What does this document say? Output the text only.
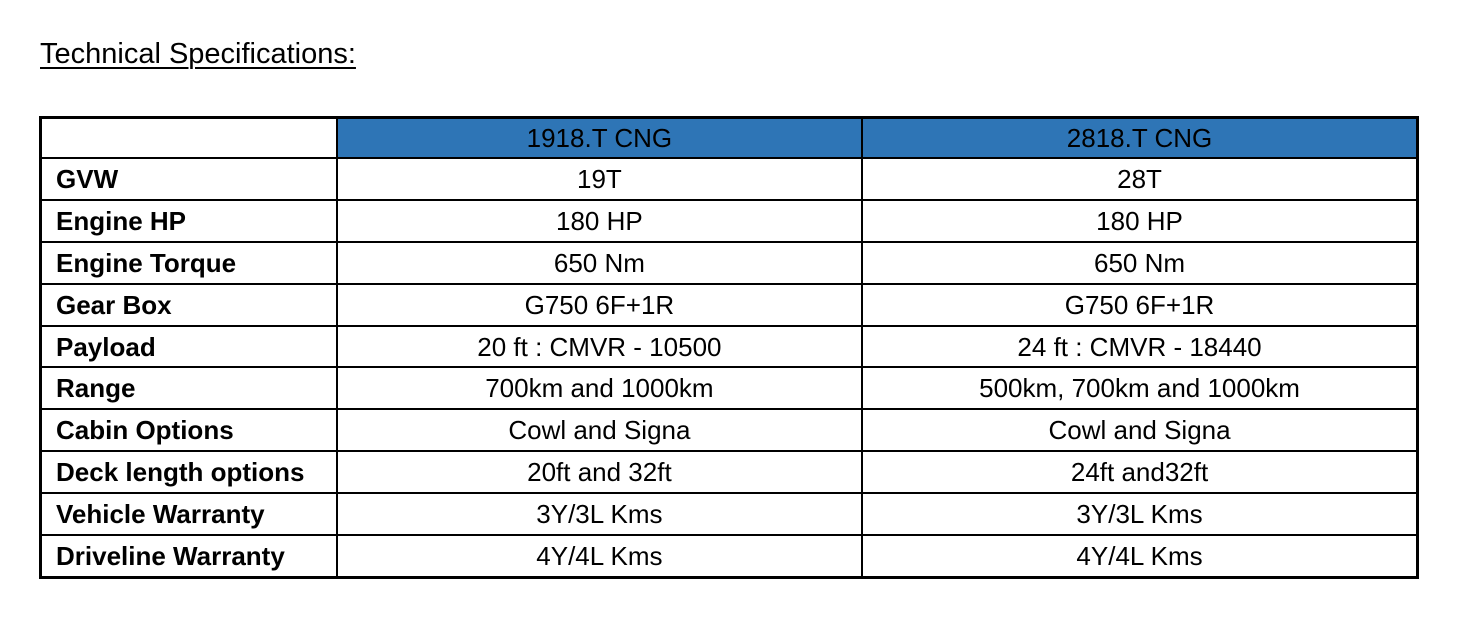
Technical Specifications:
	1918.T CNG	2818.T CNG
GVW	19T	28T
Engine HP	180 HP	180 HP
Engine Torque	650 Nm	650 Nm
Gear Box	G750 6F+1R	G750 6F+1R
Payload	20 ft : CMVR - 10500	24 ft : CMVR - 18440
Range	700km and 1000km	500km, 700km and 1000km
Cabin Options	Cowl and Signa	Cowl and Signa
Deck length options	20ft and 32ft	24ft and32ft
Vehicle Warranty	3Y/3L Kms	3Y/3L Kms
Driveline Warranty	4Y/4L Kms	4Y/4L Kms
